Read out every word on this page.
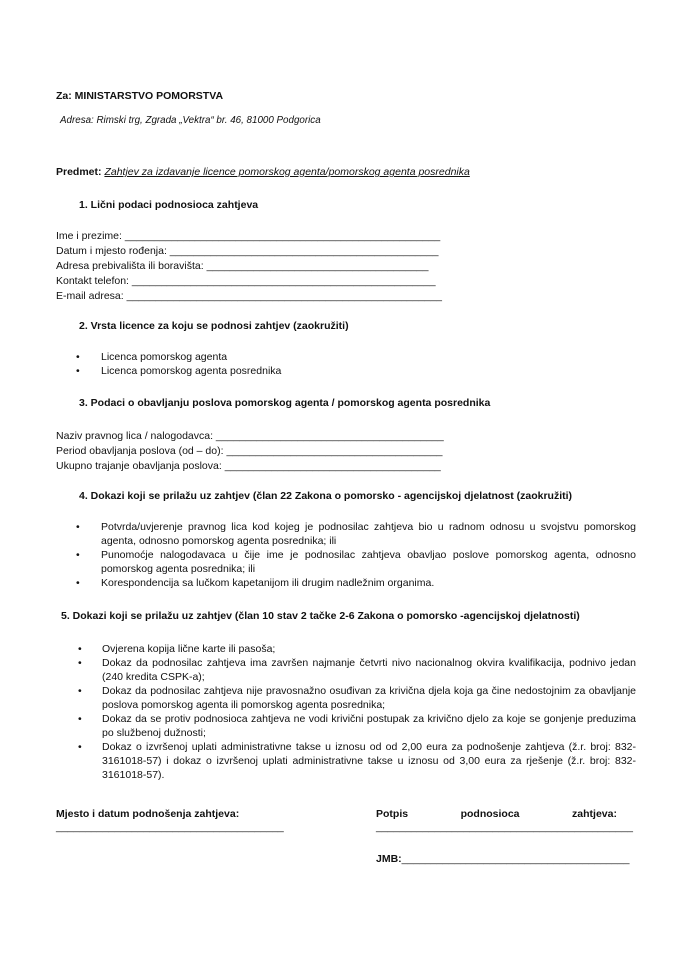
Za: MINISTARSTVO POMORSTVA
Adresa: Rimski trg, Zgrada „Vektra“ br. 46, 81000 Podgorica
Predmet: Zahtjev za izdavanje licence pomorskog agenta/pomorskog agenta posrednika
1. Lični podaci podnosioca zahtjeva
Ime i prezime: ______________________________________________________
Datum i mjesto rođenja: ______________________________________________
Adresa prebivališta ili boravišta: ______________________________________
Kontakt telefon: ____________________________________________________
E-mail adresa: ______________________________________________________
2. Vrsta licence za koju se podnosi zahtjev (zaokružiti)
• Licenca pomorskog agenta
• Licenca pomorskog agenta posrednika
3. Podaci o obavljanju poslova pomorskog agenta / pomorskog agenta posrednika
Naziv pravnog lica / nalogodavca: _______________________________________
Period obavljanja poslova (od – do): _____________________________________
Ukupno trajanje obavljanja poslova: _____________________________________
4. Dokazi koji se prilažu uz zahtjev (član 22 Zakona o pomorsko - agencijskoj djelatnost (zaokružiti)
• Potvrda/uvjerenje pravnog lica kod kojeg je podnosilac zahtjeva bio u radnom odnosu u svojstvu pomorskog agenta, odnosno pomorskog agenta posrednika; ili
• Punomoćje nalogodavaca u čije ime je podnosilac zahtjeva obavljao poslove pomorskog agenta, odnosno pomorskog agenta posrednika; ili
• Korespondencija sa lučkom kapetanijom ili drugim nadležnim organima.
5. Dokazi koji se prilažu uz zahtjev (član 10 stav 2 tačke 2-6 Zakona o pomorsko -agencijskoj djelatnosti)
• Ovjerena kopija lične karte ili pasoša;
• Dokaz da podnosilac zahtjeva ima završen najmanje četvrti nivo nacionalnog okvira kvalifikacija, podnivo jedan (240 kredita CSPK-a);
• Dokaz da podnosilac zahtjeva nije pravosnažno osuđivan za krivična djela koja ga čine nedostojnim za obavljanje poslova pomorskog agenta ili pomorskog agenta posrednika;
• Dokaz da se protiv podnosioca zahtjeva ne vodi krivični postupak za krivično djelo za koje se gonjenje preduzima po službenoj dužnosti;
• Dokaz o izvršenoj uplati administrativne takse u iznosu od od 2,00 eura za podnošenje zahtjeva (ž.r. broj: 832-3161018-57) i dokaz o izvršenoj uplati administrativne takse u iznosu od 3,00 eura za rješenje (ž.r. broj: 832-3161018-57).
Mjesto i datum podnošenja zahtjeva:
_______________________________________
Potpis                  podnosioca                  zahtjeva:
____________________________________________
JMB:_______________________________________
